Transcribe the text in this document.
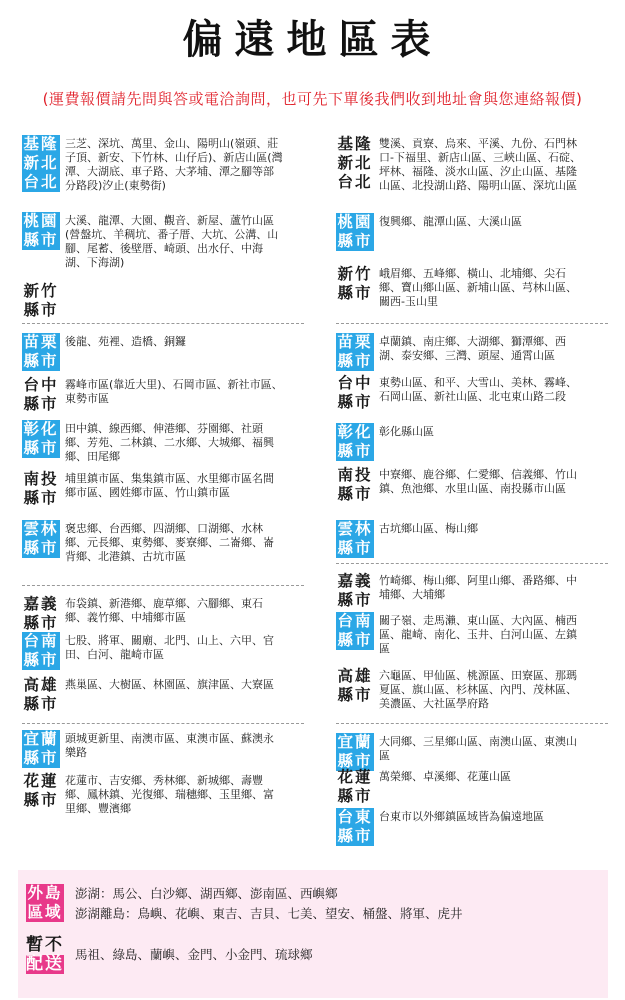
偏遠地區表
(運費報價請先問與答或電洽詢問，也可先下單後我們收到地址會與您連絡報價)
基隆
新北
台北
三芝、深坑、萬里、金山、陽明山(嶺頭、莊子頂、新安、下竹林、山仔后)、新店山區(灣潭、大湖底、車子路、大茅埔、潭之腳等部分路段)汐止(東勢街)
桃園
縣市
大溪、龍潭、大園、觀音、新屋、蘆竹山區(營盤坑、羊稠坑、番子厝、大坑、公溝、山腳、尾蓄、後壁厝、崎頭、出水仔、中海湖、下海湖)
新竹
縣市
苗栗
縣市
後龍、苑裡、造橋、銅鑼
台中
縣市
霧峰市區(靠近大里)、石岡市區、新社市區、東勢市區
彰化
縣市
田中鎮、線西鄉、伸港鄉、芬園鄉、社頭鄉、芳苑、二林鎮、二水鄉、大城鄉、福興鄉、田尾鄉
南投
縣市
埔里鎮市區、集集鎮市區、水里鄉市區名間鄉市區、國姓鄉市區、竹山鎮市區
雲林
縣市
褒忠鄉、台西鄉、四湖鄉、口湖鄉、水林鄉、元長鄉、東勢鄉、麥寮鄉、二崙鄉、崙背鄉、北港鎮、古坑市區
嘉義
縣市
布袋鎮、新港鄉、鹿草鄉、六腳鄉、東石鄉、義竹鄉、中埔鄉市區
台南
縣市
七股、將軍、關廟、北門、山上、六甲、官田、白河、龍崎市區
高雄
縣市
燕巢區、大樹區、林園區、旗津區、大寮區
宜蘭
縣市
頭城更新里、南澳市區、東澳市區、蘇澳永樂路
花蓮
縣市
花蓮市、吉安鄉、秀林鄉、新城鄉、壽豐鄉、鳳林鎮、光復鄉、瑞穗鄉、玉里鄉、富里鄉、豐濱鄉
基隆
新北
台北
雙溪、貢寮、烏來、平溪、九份、石門林口-下福里、新店山區、三峽山區、石碇、坪林、福隆、淡水山區、汐止山區、基隆山區、北投湖山路、陽明山區、深坑山區
桃園
縣市
復興鄉、龍潭山區、大溪山區
新竹
縣市
峨眉鄉、五峰鄉、橫山、北埔鄉、尖石鄉、寶山鄉山區、新埔山區、芎林山區、關西-玉山里
苗栗
縣市
卓蘭鎮、南庄鄉、大湖鄉、獅潭鄉、西湖、泰安鄉、三灣、頭屋、通霄山區
台中
縣市
東勢山區、和平、大雪山、美林、霧峰、石岡山區、新社山區、北屯東山路二段
彰化
縣市
彰化縣山區
南投
縣市
中寮鄉、鹿谷鄉、仁愛鄉、信義鄉、竹山鎮、魚池鄉、水里山區、南投縣市山區
雲林
縣市
古坑鄉山區、梅山鄉
嘉義
縣市
竹崎鄉、梅山鄉、阿里山鄉、番路鄉、中埔鄉、大埔鄉
台南
縣市
關子嶺、走馬瀨、東山區、大內區、楠西區、龍崎、南化、玉井、白河山區、左鎮區
高雄
縣市
六龜區、甲仙區、桃源區、田寮區、那瑪夏區、旗山區、杉林區、內門、茂林區、美濃區、大社區學府路
宜蘭
縣市
大同鄉、三星鄉山區、南澳山區、東澳山區
花蓮
縣市
萬榮鄉、卓溪鄉、花蓮山區
台東
縣市
台東市以外鄉鎮區域皆為偏遠地區
外島
區域
澎湖：馬公、白沙鄉、湖西鄉、澎南區、西嶼鄉
澎湖離島：鳥嶼、花嶼、東吉、吉貝、七美、望安、桶盤、將軍、虎井
暫不
配送 馬祖、綠島、蘭嶼、金門、小金門、琉球鄉
